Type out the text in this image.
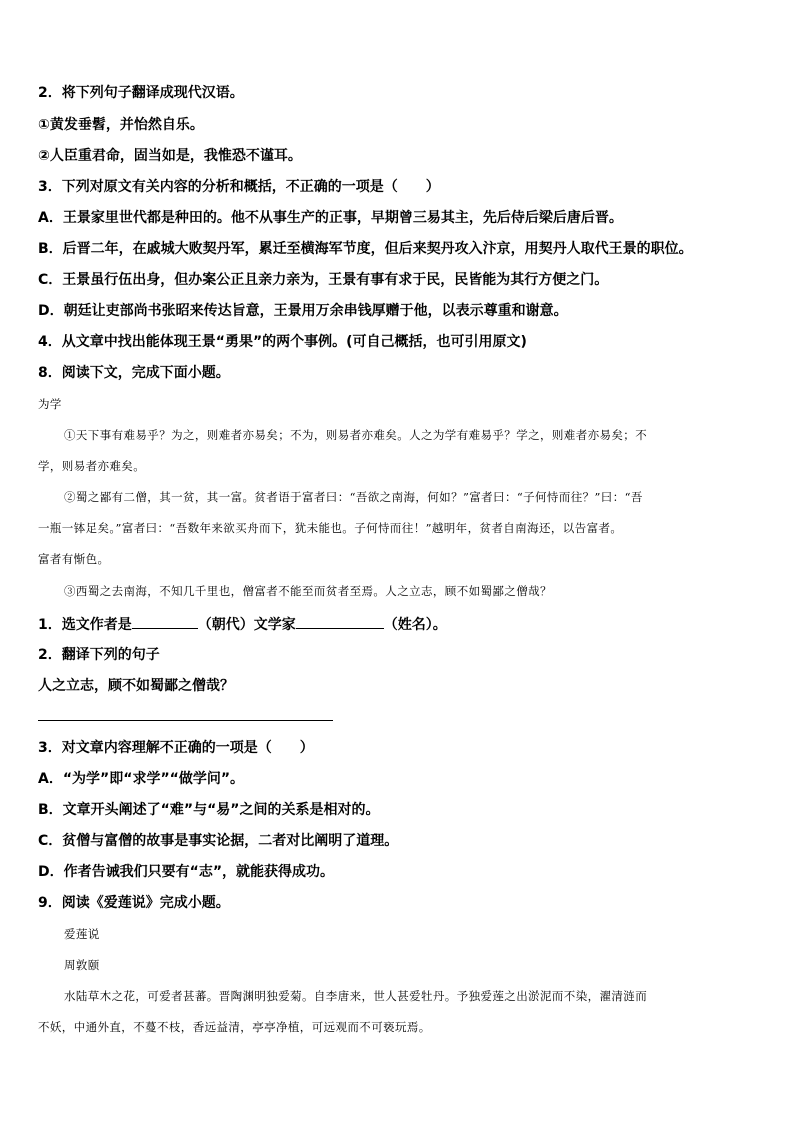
2．将下列句子翻译成现代汉语。
①黄发垂髫，并怡然自乐。
②人臣重君命，固当如是，我惟恐不谨耳。
3．下列对原文有关内容的分析和概括，不正确的一项是（　　）
A．王景家里世代都是种田的。他不从事生产的正事，早期曾三易其主，先后侍后梁后唐后晋。
B．后晋二年，在戚城大败契丹军，累迁至横海军节度，但后来契丹攻入汴京，用契丹人取代王景的职位。
C．王景虽行伍出身，但办案公正且亲力亲为，王景有事有求于民，民皆能为其行方便之门。
D．朝廷让吏部尚书张昭来传达旨意，王景用万余串钱厚赠于他，以表示尊重和谢意。
4．从文章中找出能体现王景“勇果”的两个事例。(可自己概括，也可引用原文)
8．阅读下文，完成下面小题。
为学
①天下事有难易乎？为之，则难者亦易矣；不为，则易者亦难矣。人之为学有难易乎？学之，则难者亦易矣；不
学，则易者亦难矣。
②蜀之鄙有二僧，其一贫，其一富。贫者语于富者曰：“吾欲之南海，何如？”富者曰：“子何恃而往？”曰：“吾
一瓶一钵足矣。”富者曰：“吾数年来欲买舟而下，犹未能也。子何恃而往！”越明年，贫者自南海还，以告富者。
富者有惭色。
③西蜀之去南海，不知几千里也，僧富者不能至而贫者至焉。人之立志，顾不如蜀鄙之僧哉？
1．选文作者是	（朝代）文学家	（姓名）。
2．翻译下列的句子
人之立志，顾不如蜀鄙之僧哉？
3．对文章内容理解不正确的一项是（　　）
A．“为学”即“求学”“做学问”。
B．文章开头阐述了“难”与“易”之间的关系是相对的。
C．贫僧与富僧的故事是事实论据，二者对比阐明了道理。
D．作者告诫我们只要有“志”，就能获得成功。
9．阅读《爱莲说》完成小题。
爱莲说
周敦颐
水陆草木之花，可爱者甚蕃。晋陶渊明独爱菊。自李唐来，世人甚爱牡丹。予独爱莲之出淤泥而不染，濯清涟而
不妖，中通外直，不蔓不枝，香远益清，亭亭净植，可远观而不可亵玩焉。
